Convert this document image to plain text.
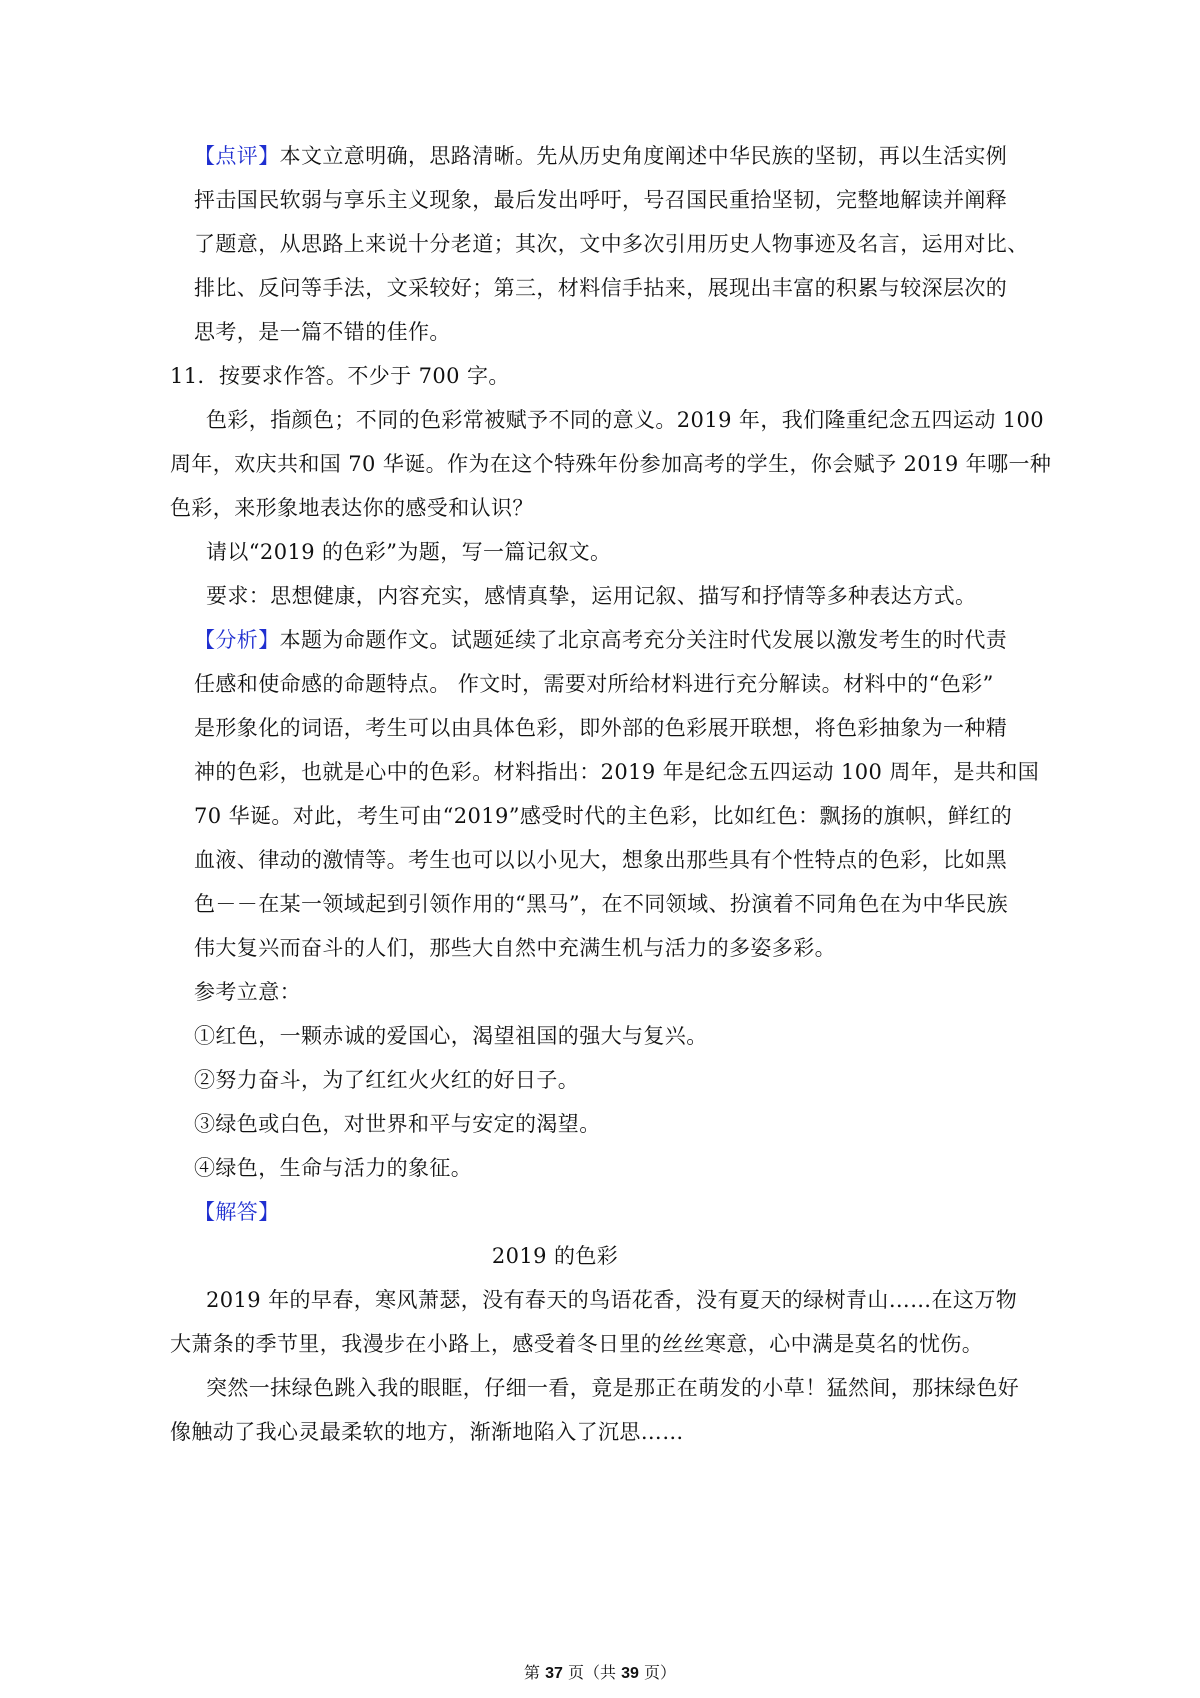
【点评】本文立意明确，思路清晰。先从历史角度阐述中华民族的坚韧，再以生活实例
抨击国民软弱与享乐主义现象，最后发出呼吁，号召国民重拾坚韧，完整地解读并阐释
了题意，从思路上来说十分老道；其次，文中多次引用历史人物事迹及名言，运用对比、
排比、反问等手法，文采较好；第三，材料信手拈来，展现出丰富的积累与较深层次的
思考，是一篇不错的佳作。
11．按要求作答。不少于 700 字。
色彩，指颜色；不同的色彩常被赋予不同的意义。2019 年，我们隆重纪念五四运动 100
周年，欢庆共和国 70 华诞。作为在这个特殊年份参加高考的学生，你会赋予 2019 年哪一种
色彩，来形象地表达你的感受和认识？
请以“2019 的色彩”为题，写一篇记叙文。
要求：思想健康，内容充实，感情真挚，运用记叙、描写和抒情等多种表达方式。
【分析】本题为命题作文。试题延续了北京高考充分关注时代发展以激发考生的时代责
任感和使命感的命题特点。 作文时，需要对所给材料进行充分解读。材料中的“色彩”
是形象化的词语，考生可以由具体色彩，即外部的色彩展开联想，将色彩抽象为一种精
神的色彩，也就是心中的色彩。材料指出：2019 年是纪念五四运动 100 周年，是共和国
70 华诞。对此，考生可由“2019”感受时代的主色彩，比如红色：飘扬的旗帜，鲜红的
血液、律动的激情等。考生也可以以小见大，想象出那些具有个性特点的色彩，比如黑
色－－在某一领域起到引领作用的“黑马”，在不同领域、扮演着不同角色在为中华民族
伟大复兴而奋斗的人们，那些大自然中充满生机与活力的多姿多彩。
参考立意：
①红色，一颗赤诚的爱国心，渴望祖国的强大与复兴。
②努力奋斗，为了红红火火红的好日子。
③绿色或白色，对世界和平与安定的渴望。
④绿色，生命与活力的象征。
【解答】
2019 的色彩
2019 年的早春，寒风萧瑟，没有春天的鸟语花香，没有夏天的绿树青山……在这万物
大萧条的季节里，我漫步在小路上，感受着冬日里的丝丝寒意，心中满是莫名的忧伤。
突然一抹绿色跳入我的眼眶，仔细一看，竟是那正在萌发的小草！猛然间，那抹绿色好
像触动了我心灵最柔软的地方，渐渐地陷入了沉思……
第 37 页（共 39 页）
